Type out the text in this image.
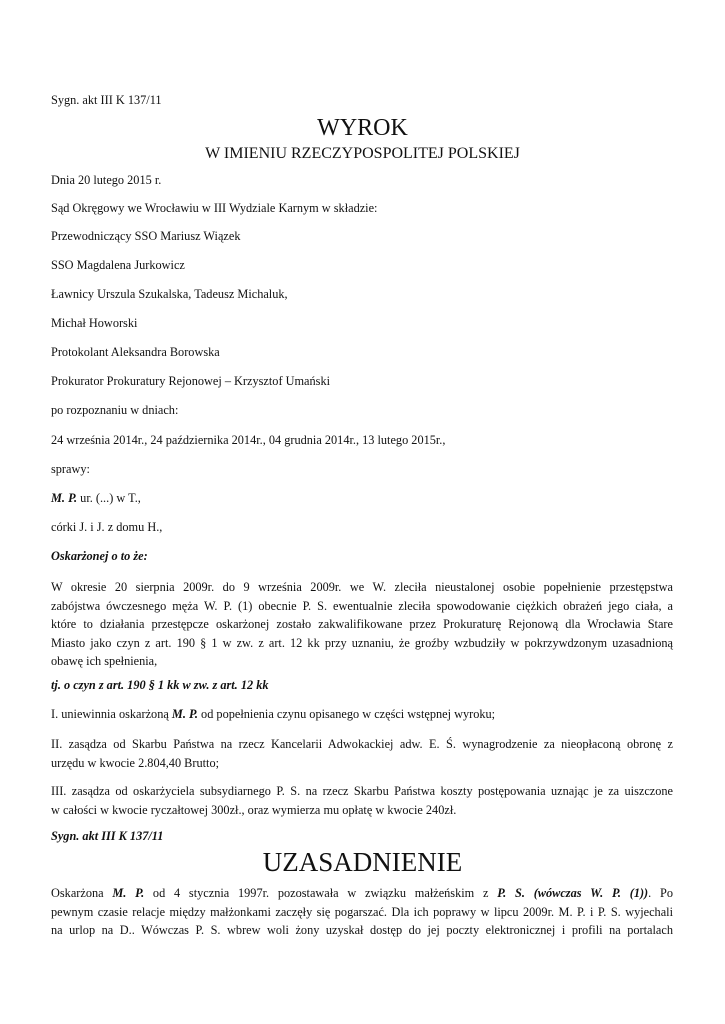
Sygn. akt III K 137/11
WYROK
W IMIENIU RZECZYPOSPOLITEJ POLSKIEJ
Dnia 20 lutego 2015 r.
Sąd Okręgowy we Wrocławiu w III Wydziale Karnym w składzie:
Przewodniczący SSO Mariusz Wiązek
SSO Magdalena Jurkowicz
Ławnicy Urszula Szukalska, Tadeusz Michaluk,
Michał Howorski
Protokolant Aleksandra Borowska
Prokurator Prokuratury Rejonowej – Krzysztof Umański
po rozpoznaniu w dniach:
24 września 2014r., 24 października 2014r., 04 grudnia 2014r., 13 lutego 2015r.,
sprawy:
M. P. ur. (...) w T.,
córki J. i J. z domu H.,
Oskarżonej o to że:
W okresie 20 sierpnia 2009r. do 9 września 2009r. we W. zleciła nieustalonej osobie popełnienie przestępstwa
zabójstwa ówczesnego męża W. P. (1) obecnie P. S. ewentualnie zleciła spowodowanie ciężkich obrażeń jego ciała, a
które to działania przestępcze oskarżonej zostało zakwalifikowane przez Prokuraturę Rejonową dla Wrocławia Stare
Miasto jako czyn z art. 190 § 1 w zw. z art. 12 kk przy uznaniu, że groźby wzbudziły w pokrzywdzonym uzasadnioną
obawę ich spełnienia,
tj. o czyn z art. 190 § 1 kk w zw. z art. 12 kk
I. uniewinnia oskarżoną M. P. od popełnienia czynu opisanego w części wstępnej wyroku;
II. zasądza od Skarbu Państwa na rzecz Kancelarii Adwokackiej adw. E. Ś. wynagrodzenie za nieopłaconą obronę z
urzędu w kwocie 2.804,40 Brutto;
III. zasądza od oskarżyciela subsydiarnego P. S. na rzecz Skarbu Państwa koszty postępowania uznając je za uiszczone
w całości w kwocie ryczałtowej 300zł., oraz wymierza mu opłatę w kwocie 240zł.
Sygn. akt III K 137/11
UZASADNIENIE
Oskarżona M. P. od 4 stycznia 1997r. pozostawała w związku małżeńskim z P. S. (wówczas W. P. (1)). Po
pewnym czasie relacje między małżonkami zaczęły się pogarszać. Dla ich poprawy w lipcu 2009r. M. P. i P. S. wyjechali
na urlop na D.. Wówczas P. S. wbrew woli żony uzyskał dostęp do jej poczty elektronicznej i profili na portalach
